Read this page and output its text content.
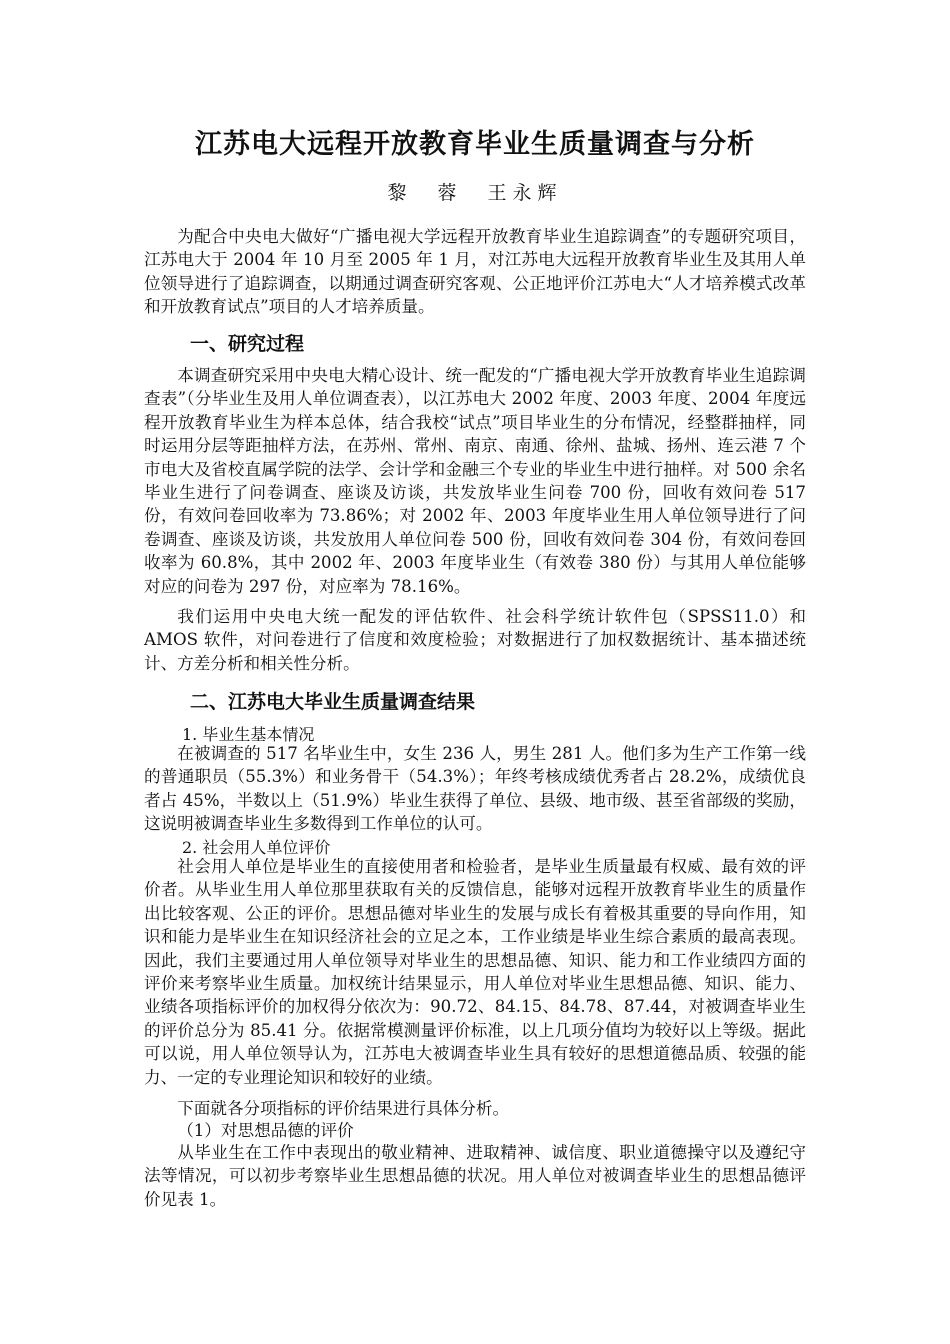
江苏电大远程开放教育毕业生质量调查与分析
黎　蓉　王永辉

为配合中央电大做好“广播电视大学远程开放教育毕业生追踪调查”的专题研究项目，江苏电大于 2004 年 10 月至 2005 年 1 月，对江苏电大远程开放教育毕业生及其用人单位领导进行了追踪调查，以期通过调查研究客观、公正地评价江苏电大“人才培养模式改革和开放教育试点”项目的人才培养质量。

一、研究过程

本调查研究采用中央电大精心设计、统一配发的“广播电视大学开放教育毕业生追踪调查表”（分毕业生及用人单位调查表），以江苏电大 2002 年度、2003 年度、2004 年度远程开放教育毕业生为样本总体，结合我校“试点”项目毕业生的分布情况，经整群抽样，同时运用分层等距抽样方法，在苏州、常州、南京、南通、徐州、盐城、扬州、连云港 7 个市电大及省校直属学院的法学、会计学和金融三个专业的毕业生中进行抽样。对 500 余名毕业生进行了问卷调查、座谈及访谈，共发放毕业生问卷 700 份，回收有效问卷 517 份，有效问卷回收率为 73.86%；对 2002 年、2003 年度毕业生用人单位领导进行了问卷调查、座谈及访谈，共发放用人单位问卷 500 份，回收有效问卷 304 份，有效问卷回收率为 60.8%，其中 2002 年、2003 年度毕业生（有效卷 380 份）与其用人单位能够对应的问卷为 297 份，对应率为 78.16%。

我们运用中央电大统一配发的评估软件、社会科学统计软件包（SPSS11.0）和 AMOS 软件，对问卷进行了信度和效度检验；对数据进行了加权数据统计、基本描述统计、方差分析和相关性分析。

二、江苏电大毕业生质量调查结果
1. 毕业生基本情况

在被调查的 517 名毕业生中，女生 236 人，男生 281 人。他们多为生产工作第一线的普通职员（55.3%）和业务骨干（54.3%）；年终考核成绩优秀者占 28.2%，成绩优良者占 45%，半数以上（51.9%）毕业生获得了单位、县级、地市级、甚至省部级的奖励，这说明被调查毕业生多数得到工作单位的认可。

2. 社会用人单位评价

社会用人单位是毕业生的直接使用者和检验者，是毕业生质量最有权威、最有效的评价者。从毕业生用人单位那里获取有关的反馈信息，能够对远程开放教育毕业生的质量作出比较客观、公正的评价。思想品德对毕业生的发展与成长有着极其重要的导向作用，知识和能力是毕业生在知识经济社会的立足之本，工作业绩是毕业生综合素质的最高表现。因此，我们主要通过用人单位领导对毕业生的思想品德、知识、能力和工作业绩四方面的评价来考察毕业生质量。加权统计结果显示，用人单位对毕业生思想品德、知识、能力、业绩各项指标评价的加权得分依次为：90.72、84.15、84.78、87.44，对被调查毕业生的评价总分为 85.41 分。依据常模测量评价标准，以上几项分值均为较好以上等级。据此可以说，用人单位领导认为，江苏电大被调查毕业生具有较好的思想道德品质、较强的能力、一定的专业理论知识和较好的业绩。

下面就各分项指标的评价结果进行具体分析。

（1）对思想品德的评价

从毕业生在工作中表现出的敬业精神、进取精神、诚信度、职业道德操守以及遵纪守法等情况，可以初步考察毕业生思想品德的状况。用人单位对被调查毕业生的思想品德评价见表 1。
